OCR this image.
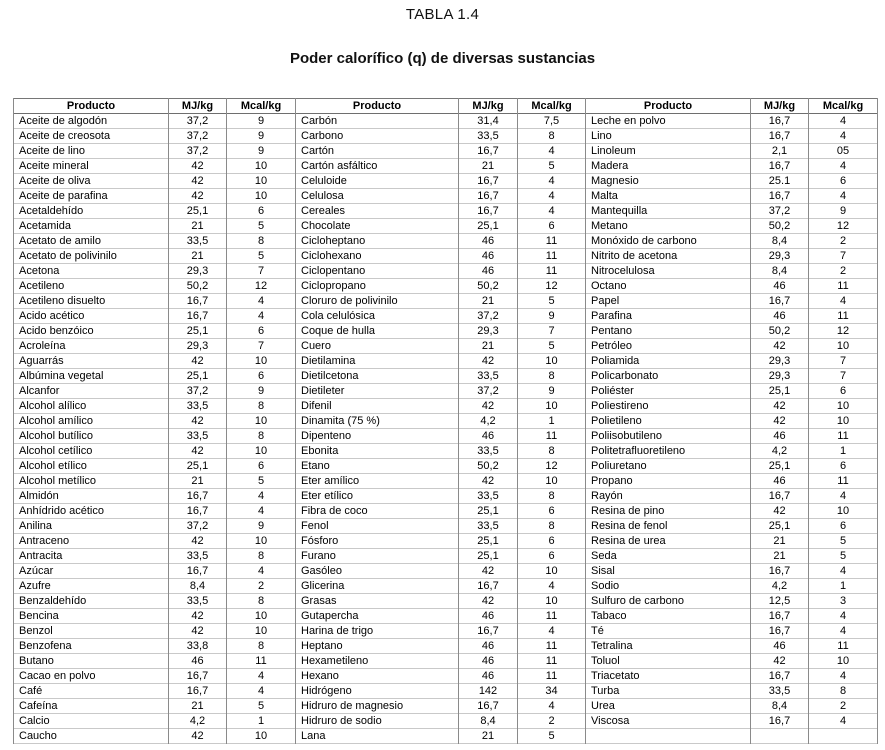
TABLA 1.4
Poder calorífico (q) de diversas sustancias
Producto	MJ/kg	Mcal/kg	Producto	MJ/kg	Mcal/kg	Producto	MJ/kg	Mcal/kg
Aceite de algodón	37,2	9	Carbón	31,4	7,5	Leche en polvo	16,7	4
Aceite de creosota	37,2	9	Carbono	33,5	8	Lino	16,7	4
Aceite de lino	37,2	9	Cartón	16,7	4	Linoleum	2,1	05
Aceite mineral	42	10	Cartón asfáltico	21	5	Madera	16,7	4
Aceite de oliva	42	10	Celuloide	16,7	4	Magnesio	25.1	6
Aceite de parafina	42	10	Celulosa	16,7	4	Malta	16,7	4
Acetaldehído	25,1	6	Cereales	16,7	4	Mantequilla	37,2	9
Acetamida	21	5	Chocolate	25,1	6	Metano	50,2	12
Acetato de amilo	33,5	8	Cicloheptano	46	11	Monóxido de carbono	8,4	2
Acetato de polivinilo	21	5	Ciclohexano	46	11	Nitrito de acetona	29,3	7
Acetona	29,3	7	Ciclopentano	46	11	Nitrocelulosa	8,4	2
Acetileno	50,2	12	Ciclopropano	50,2	12	Octano	46	11
Acetileno disuelto	16,7	4	Cloruro de polivinilo	21	5	Papel	16,7	4
Acido acético	16,7	4	Cola celulósica	37,2	9	Parafina	46	11
Acido benzóico	25,1	6	Coque de hulla	29,3	7	Pentano	50,2	12
Acroleína	29,3	7	Cuero	21	5	Petróleo	42	10
Aguarrás	42	10	Dietilamina	42	10	Poliamida	29,3	7
Albúmina vegetal	25,1	6	Dietilcetona	33,5	8	Policarbonato	29,3	7
Alcanfor	37,2	9	Dietileter	37,2	9	Poliéster	25,1	6
Alcohol alílico	33,5	8	Difenil	42	10	Poliestireno	42	10
Alcohol amílico	42	10	Dinamita (75 %)	4,2	1	Polietileno	42	10
Alcohol butílico	33,5	8	Dipenteno	46	11	Poliisobutileno	46	11
Alcohol cetílico	42	10	Ebonita	33,5	8	Politetrafluoretileno	4,2	1
Alcohol etílico	25,1	6	Etano	50,2	12	Poliuretano	25,1	6
Alcohol metílico	21	5	Eter amílico	42	10	Propano	46	11
Almidón	16,7	4	Eter etílico	33,5	8	Rayón	16,7	4
Anhídrido acético	16,7	4	Fibra de coco	25,1	6	Resina de pino	42	10
Anilina	37,2	9	Fenol	33,5	8	Resina de fenol	25,1	6
Antraceno	42	10	Fósforo	25,1	6	Resina de urea	21	5
Antracita	33,5	8	Furano	25,1	6	Seda	21	5
Azúcar	16,7	4	Gasóleo	42	10	Sisal	16,7	4
Azufre	8,4	2	Glicerina	16,7	4	Sodio	4,2	1
Benzaldehído	33,5	8	Grasas	42	10	Sulfuro de carbono	12,5	3
Bencina	42	10	Gutapercha	46	11	Tabaco	16,7	4
Benzol	42	10	Harina de trigo	16,7	4	Té	16,7	4
Benzofena	33,8	8	Heptano	46	11	Tetralina	46	11
Butano	46	11	Hexametileno	46	11	Toluol	42	10
Cacao en polvo	16,7	4	Hexano	46	11	Triacetato	16,7	4
Café	16,7	4	Hidrógeno	142	34	Turba	33,5	8
Cafeína	21	5	Hidruro de magnesio	16,7	4	Urea	8,4	2
Calcio	4,2	1	Hidruro de sodio	8,4	2	Viscosa	16,7	4
Caucho	42	10	Lana	21	5			
